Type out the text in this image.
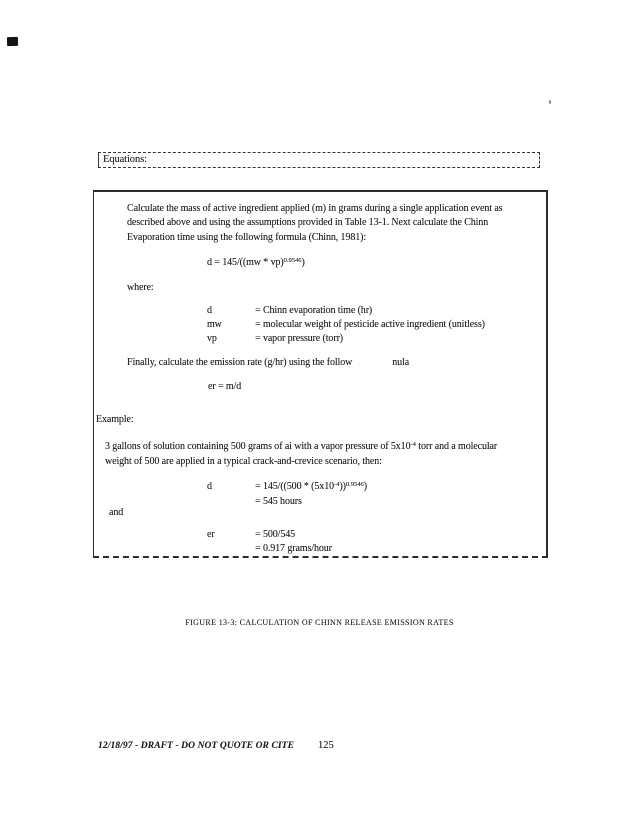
Equations:
Calculate the mass of active ingredient applied (m) in grams during a single application event as
described above and using the assumptions provided in Table 13-1. Next calculate the Chinn
Evaporation time using the following formula (Chinn, 1981):
d = 145/((mw * vp)$^{0.9546}$)
where:
d	= Chinn evaporation time (hr)
mw	= molecular weight of pesticide active ingredient (unitless)
vp	= vapor pressure (torr)
Finally, calculate the emission rate (g/hr) using the follow	nula
er = m/d
Example:
3 gallons of solution containing 500 grams of ai with a vapor pressure of $5x10^{-4}$ torr and a molecular
weight of 500 are applied in a typical crack-and-crevice scenario, then:
d	= $145/((500 * (5x10^{-4}))^{0.9546})$
= 545 hours
and
er	= 500/545
= 0.917 grams/hour
FIGURE 13-3: CALCULATION OF CHINN RELEASE EMISSION RATES
12/18/97 - DRAFT - DO NOT QUOTE OR CITE 125
